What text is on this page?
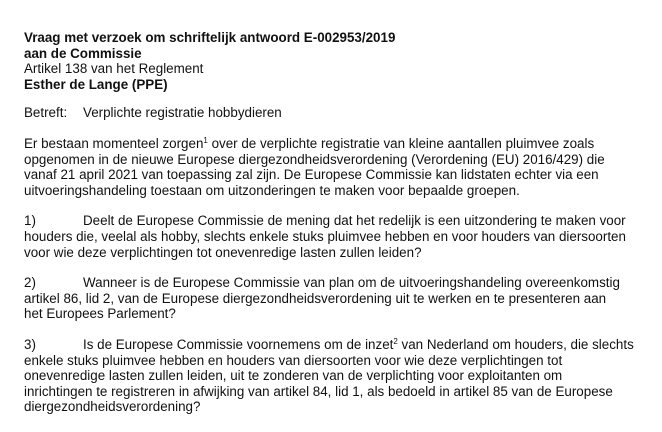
Vraag met verzoek om schriftelijk antwoord E-002953/2019
aan de Commissie
Artikel 138 van het Reglement
Esther de Lange (PPE)
Betreft: Verplichte registratie hobbydieren
Er bestaan momenteel zorgen$^1$ over de verplichte registratie van kleine aantallen pluimvee zoals
opgenomen in de nieuwe Europese diergezondheidsverordening (Verordening (EU) 2016/429) die
vanaf 21 april 2021 van toepassing zal zijn. De Europese Commissie kan lidstaten echter via een
uitvoeringshandeling toestaan om uitzonderingen te maken voor bepaalde groepen.
1)	Deelt de Europese Commissie de mening dat het redelijk is een uitzondering te maken voor
houders die, veelal als hobby, slechts enkele stuks pluimvee hebben en voor houders van diersoorten
voor wie deze verplichtingen tot onevenredige lasten zullen leiden?
2)	Wanneer is de Europese Commissie van plan om de uitvoeringshandeling overeenkomstig
artikel 86, lid 2, van de Europese diergezondheidsverordening uit te werken en te presenteren aan
het Europees Parlement?
3)	Is de Europese Commissie voornemens om de inzet$^2$ van Nederland om houders, die slechts
enkele stuks pluimvee hebben en houders van diersoorten voor wie deze verplichtingen tot
onevenredige lasten zullen leiden, uit te zonderen van de verplichting voor exploitanten om
inrichtingen te registreren in afwijking van artikel 84, lid 1, als bedoeld in artikel 85 van de Europese
diergezondheidsverordening?
